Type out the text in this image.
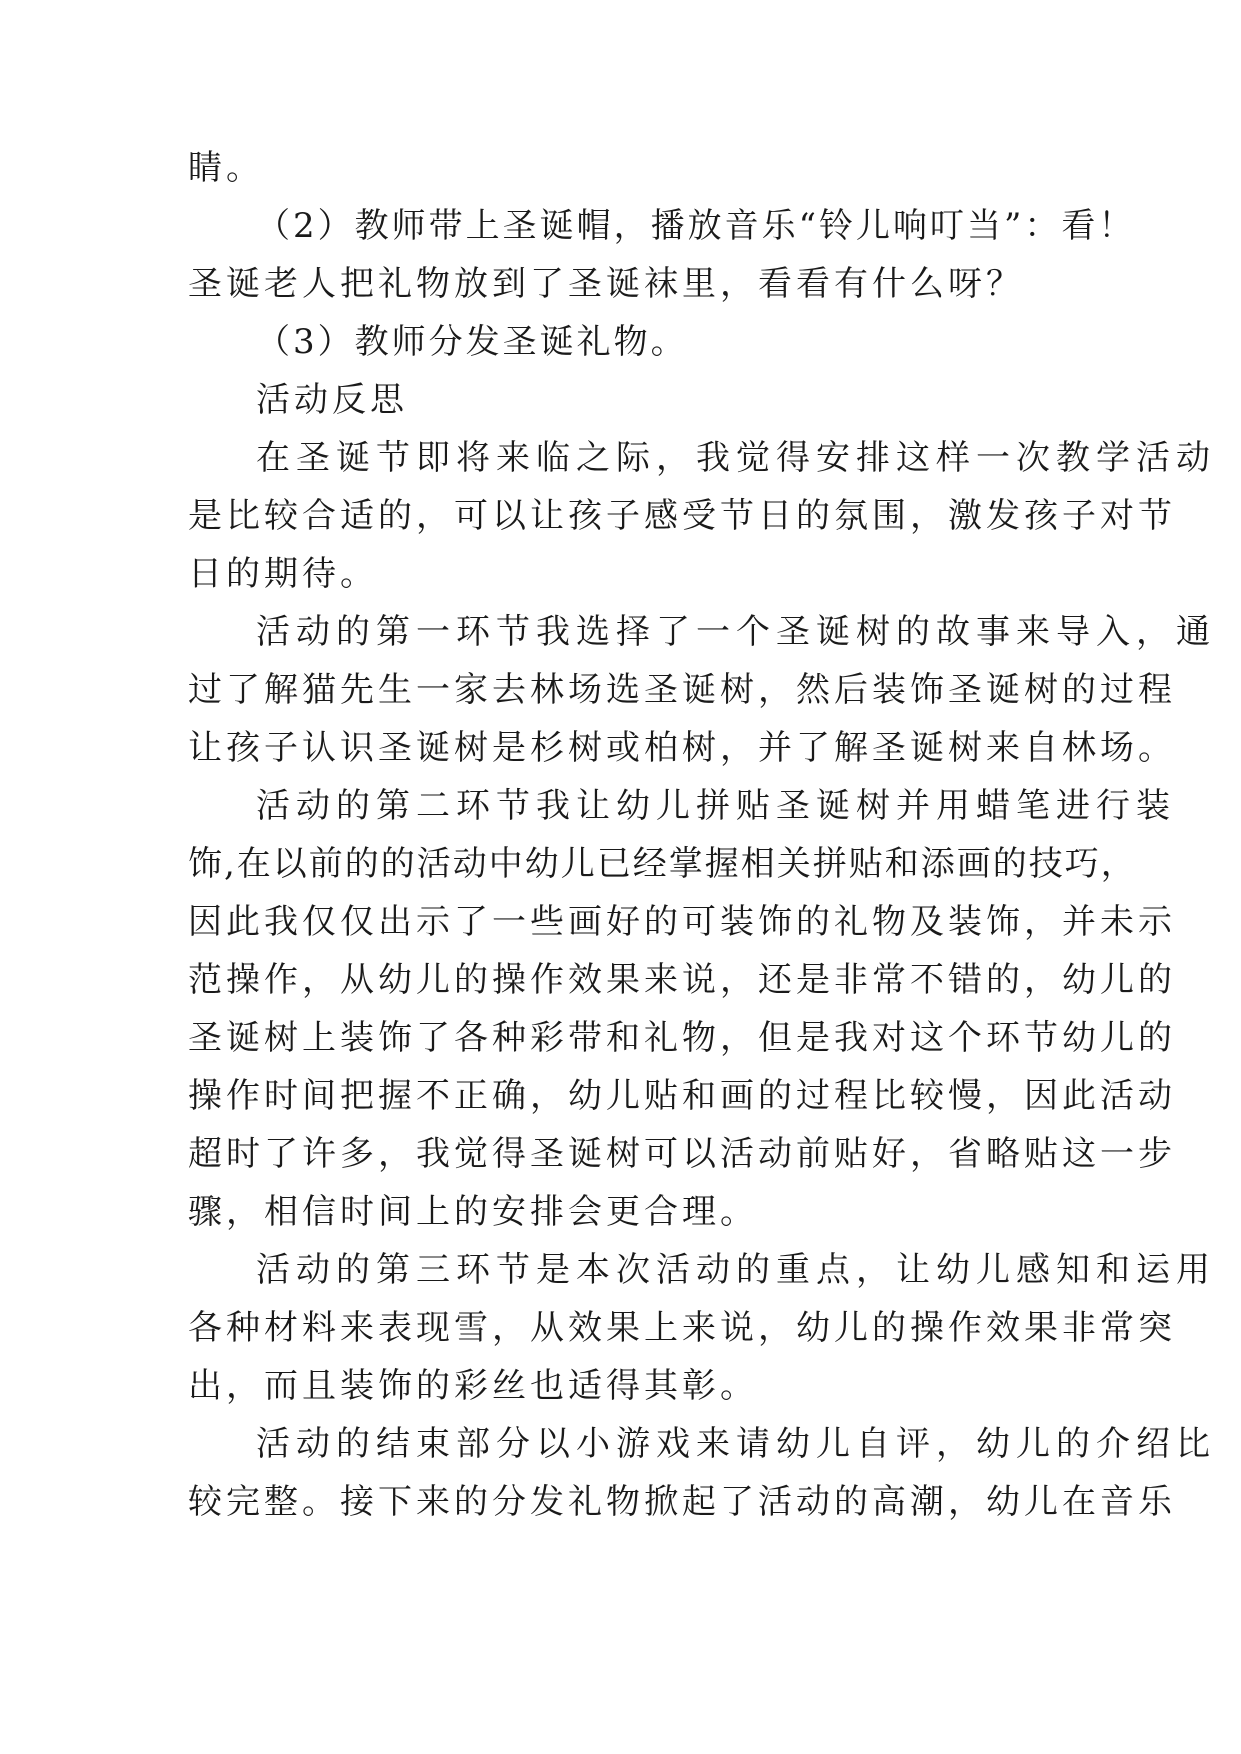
睛。

（2）教师带上圣诞帽，播放音乐“铃儿响叮当”：看！

圣诞老人把礼物放到了圣诞袜里，看看有什么呀？

（3）教师分发圣诞礼物。

活动反思

在圣诞节即将来临之际，我觉得安排这样一次教学活动

是比较合适的，可以让孩子感受节日的氛围，激发孩子对节

日的期待。

活动的第一环节我选择了一个圣诞树的故事来导入，通

过了解猫先生一家去林场选圣诞树，然后装饰圣诞树的过程

让孩子认识圣诞树是杉树或柏树，并了解圣诞树来自林场。

活动的第二环节我让幼儿拼贴圣诞树并用蜡笔进行装

饰,在以前的的活动中幼儿已经掌握相关拼贴和添画的技巧，

因此我仅仅出示了一些画好的可装饰的礼物及装饰，并未示

范操作，从幼儿的操作效果来说，还是非常不错的，幼儿的

圣诞树上装饰了各种彩带和礼物，但是我对这个环节幼儿的

操作时间把握不正确，幼儿贴和画的过程比较慢，因此活动

超时了许多，我觉得圣诞树可以活动前贴好，省略贴这一步

骤，相信时间上的安排会更合理。

活动的第三环节是本次活动的重点，让幼儿感知和运用

各种材料来表现雪，从效果上来说，幼儿的操作效果非常突

出，而且装饰的彩丝也适得其彰。

活动的结束部分以小游戏来请幼儿自评，幼儿的介绍比

较完整。接下来的分发礼物掀起了活动的高潮，幼儿在音乐
